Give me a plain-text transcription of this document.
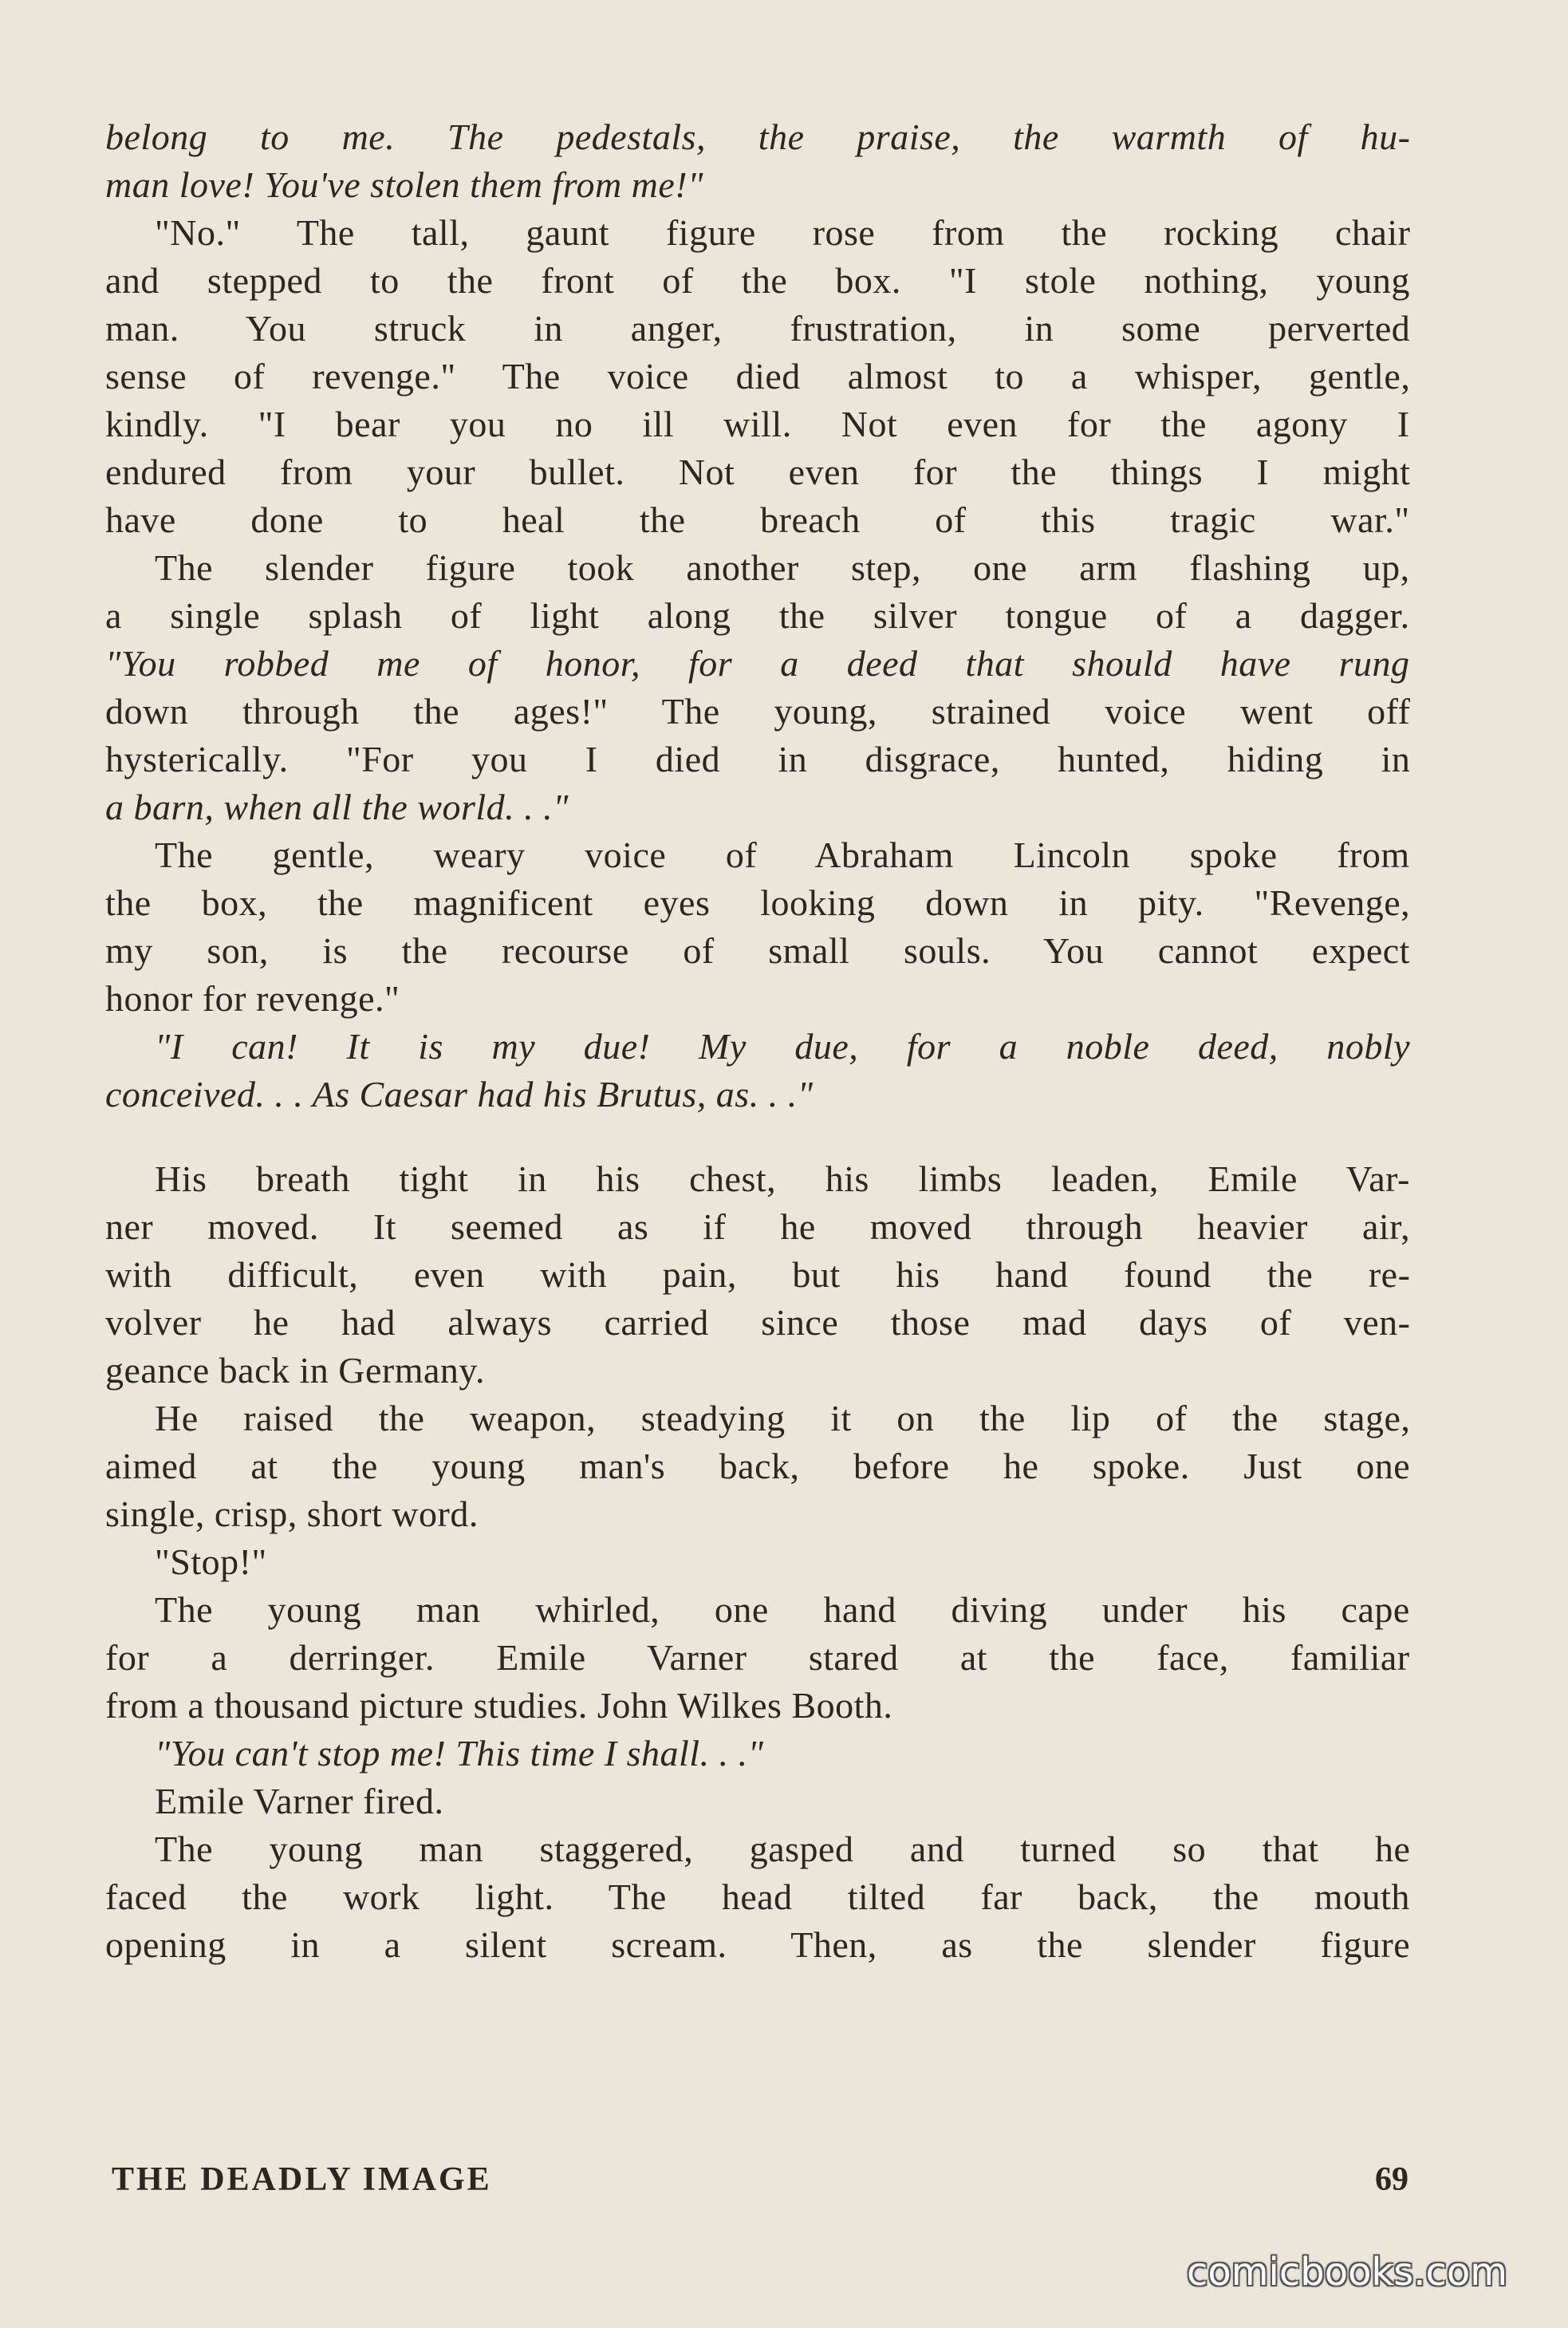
belong to me. The pedestals, the praise, the warmth of hu-
man love! You've stolen them from me!"
"No." The tall, gaunt figure rose from the rocking chair
and stepped to the front of the box. "I stole nothing, young
man. You struck in anger, frustration, in some perverted
sense of revenge." The voice died almost to a whisper, gentle,
kindly. "I bear you no ill will. Not even for the agony I
endured from your bullet. Not even for the things I might
have done to heal the breach of this tragic war."
The slender figure took another step, one arm flashing up,
a single splash of light along the silver tongue of a dagger.
"You robbed me of honor, for a deed that should have rung
down through the ages!" The young, strained voice went off
hysterically. "For you I died in disgrace, hunted, hiding in
a barn, when all the world. . ."
The gentle, weary voice of Abraham Lincoln spoke from
the box, the magnificent eyes looking down in pity. "Revenge,
my son, is the recourse of small souls. You cannot expect
honor for revenge."
"I can! It is my due! My due, for a noble deed, nobly
conceived. . . As Caesar had his Brutus, as. . ."
His breath tight in his chest, his limbs leaden, Emile Var-
ner moved. It seemed as if he moved through heavier air,
with difficult, even with pain, but his hand found the re-
volver he had always carried since those mad days of ven-
geance back in Germany.
He raised the weapon, steadying it on the lip of the stage,
aimed at the young man's back, before he spoke. Just one
single, crisp, short word.
"Stop!"
The young man whirled, one hand diving under his cape
for a derringer. Emile Varner stared at the face, familiar
from a thousand picture studies. John Wilkes Booth.
"You can't stop me! This time I shall. . ."
Emile Varner fired.
The young man staggered, gasped and turned so that he
faced the work light. The head tilted far back, the mouth
opening in a silent scream. Then, as the slender figure
THE DEADLY IMAGE	69
comicbooks.com
